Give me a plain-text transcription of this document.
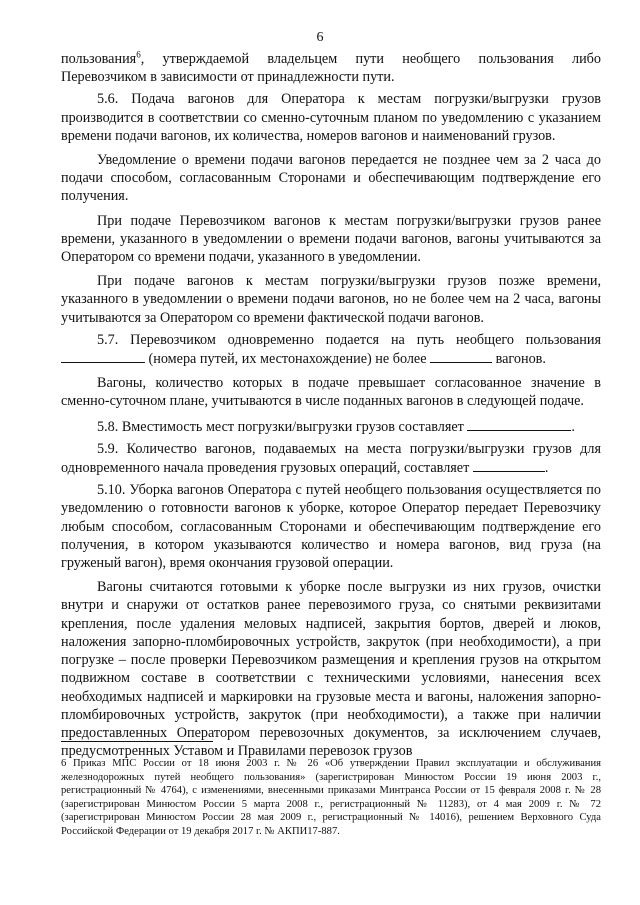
6

пользования$^6$, утверждаемой владельцем пути необщего пользования либо Перевозчиком в зависимости от принадлежности пути.

5.6. Подача вагонов для Оператора к местам погрузки/выгрузки грузов производится в соответствии со сменно-суточным планом по уведомлению с указанием времени подачи вагонов, их количества, номеров вагонов и наименований грузов.

Уведомление о времени подачи вагонов передается не позднее чем за 2 часа до подачи способом, согласованным Сторонами и обеспечивающим подтверждение его получения.

При подаче Перевозчиком вагонов к местам погрузки/выгрузки грузов ранее времени, указанного в уведомлении о времени подачи вагонов, вагоны учитываются за Оператором со времени подачи, указанного в уведомлении.

При подаче вагонов к местам погрузки/выгрузки грузов позже времени, указанного в уведомлении о времени подачи вагонов, но не более чем на 2 часа, вагоны учитываются за Оператором со времени фактической подачи вагонов.

5.7. Перевозчиком одновременно подается на путь необщего пользования  (номера путей, их местонахождение) не более	вагонов.

Вагоны, количество которых в подаче превышает согласованное значение в сменно-суточном плане, учитываются в числе поданных вагонов в следующей подаче.

5.8. Вместимость мест погрузки/выгрузки грузов составляет	.

5.9. Количество вагонов, подаваемых на места погрузки/выгрузки грузов для одновременного начала проведения грузовых операций, составляет	.

5.10. Уборка вагонов Оператора с путей необщего пользования осуществляется по уведомлению о готовности вагонов к уборке, которое Оператор передает Перевозчику любым способом, согласованным Сторонами и обеспечивающим подтверждение его получения, в котором указываются количество и номера вагонов, вид груза (на груженый вагон), время окончания грузовой операции.

Вагоны считаются готовыми к уборке после выгрузки из них грузов, очистки внутри и снаружи от остатков ранее перевозимого груза, со снятыми реквизитами крепления, после удаления меловых надписей, закрытия бортов, дверей и люков, наложения запорно-пломбировочных устройств, закруток (при необходимости), а при погрузке – после проверки Перевозчиком размещения и крепления грузов на открытом подвижном составе в соответствии с техническими условиями, нанесения всех необходимых надписей и маркировки на грузовые места и вагоны, наложения запорно-пломбировочных устройств, закруток (при необходимости), а также при наличии предоставленных Оператором перевозочных документов, за исключением случаев, предусмотренных Уставом и Правилами перевозок грузов

6 Приказ МПС России от 18 июня 2003 г. № 26 «Об утверждении Правил эксплуатации и обслуживания железнодорожных путей необщего пользования» (зарегистрирован Минюстом России 19 июня 2003 г., регистрационный № 4764), с изменениями, внесенными приказами Минтранса России от 15 февраля 2008 г. № 28 (зарегистрирован Минюстом России 5 марта 2008 г., регистрационный № 11283), от 4 мая 2009 г. № 72 (зарегистрирован Минюстом России 28 мая 2009 г., регистрационный № 14016), решением Верховного Суда Российской Федерации от 19 декабря 2017 г. № АКПИ17-887.
